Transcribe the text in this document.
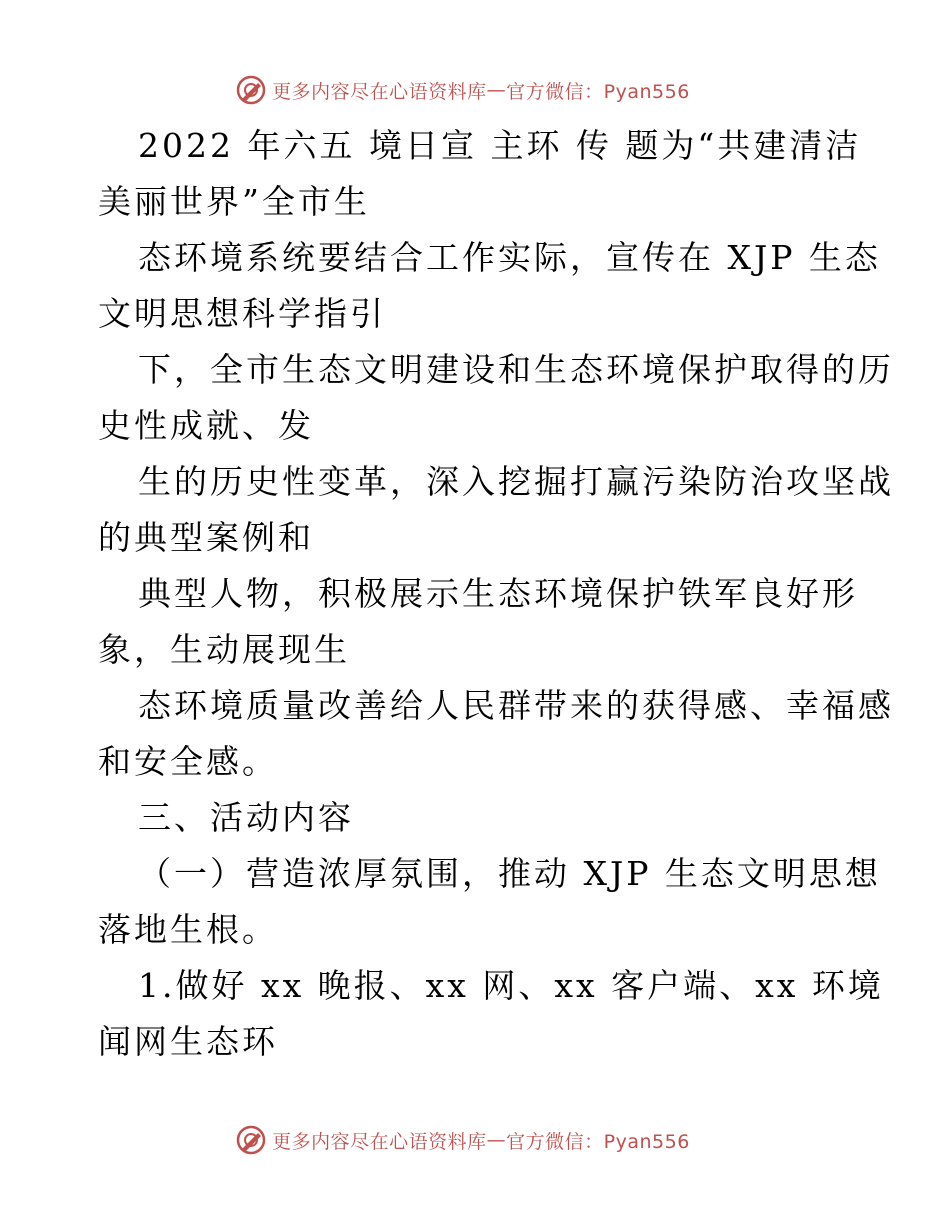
更多内容尽在心语资料库 — 官方微信：Pyan556
2022 年六五 境日宣 主环 传 题为“共建清洁
美丽世界”全市生
态环境系统要结合工作实际，宣传在 XJP 生态
文明思想科学指引
下，全市生态文明建设和生态环境保护取得的历
史性成就、发
生的历史性变革，深入挖掘打赢污染防治攻坚战
的典型案例和
典型人物，积极展示生态环境保护铁军良好形
象，生动展现生
态环境质量改善给人民群带来的获得感、幸福感
和安全感。
三、活动内容
（一）营造浓厚氛围，推动 XJP 生态文明思想
落地生根。
1.做好 xx 晚报、xx 网、xx 客户端、xx 环境
闻网生态环
更多内容尽在心语资料库 — 官方微信：Pyan556
